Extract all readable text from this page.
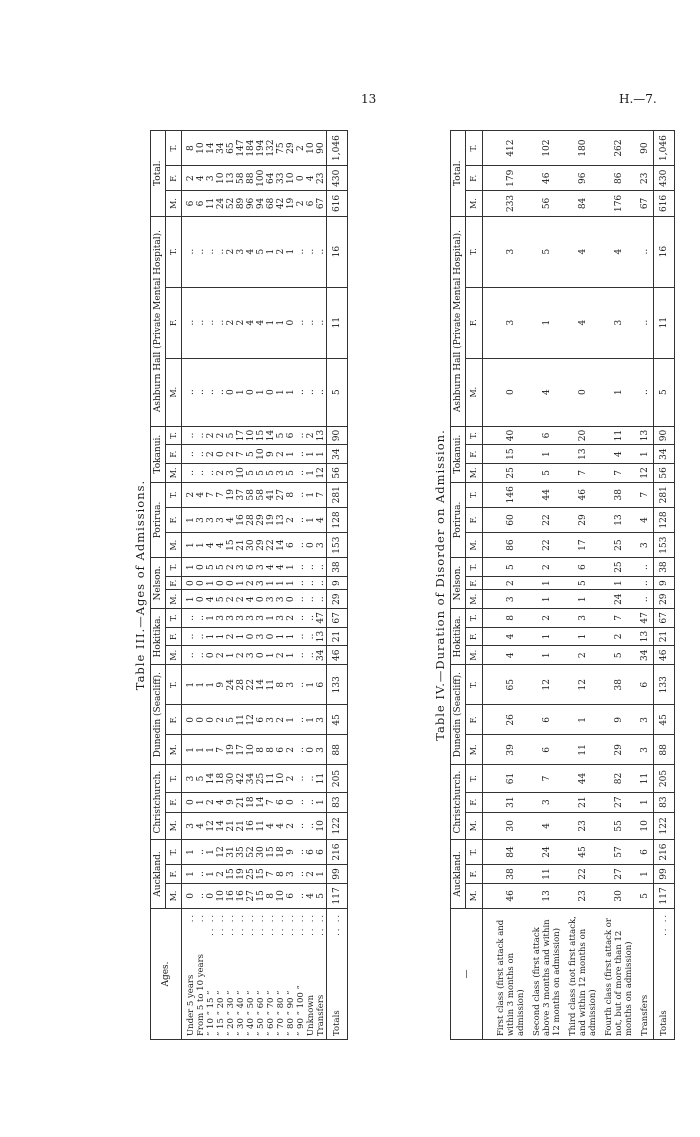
13	H.—7.
Table III.—Ages of Admissions.
Ages.	Auckland.			Christchurch.			Dunedin (Seacliff).			Hokitika.			Nelson.			Porirua.			Tokanui.			Ashburn Hall (Private Mental Hospital).			Total.		
	M.	F.	T.	M.	F.	T.	M.	F.	T.	M.	F.	T.	M.	F.	T.	M.	F.	T.	M.	F.	T.	M.	F.	T.	M.	F.	T.

Under 5 years
..	0	1	1	3	0	3	1	0	1	..	..	..	1	0	1	1	1	2	..	..	..	..	..	..	6	2	8
From 5 to 10 years
..	..	..	..	4	1	5	1	0	1	..	..	..	0	0	0	1	3	4	..	..	..	..	..	..	6	4	10
” 10 ” 15 ”
.. ..	0	1	1	12	2	14	1	0	1	0	1	1	4	1	5	4	3	7	..	2	2	..	..	..	11	3	14
” 15 ” 20 ”
.. ..	10	2	12	14	4	18	7	2	9	2	1	3	5	0	5	4	3	7	2	0	2	..	..	..	24	10	34
” 20 ” 30 ”
.. ..	16	15	31	21	9	30	19	5	24	1	2	3	2	0	2	15	4	19	3	2	5	0	2	2	52	13	65
” 30 ” 40 ”
.. ..	16	19	35	21	21	42	17	11	28	2	1	3	2	1	3	21	16	37	10	7	17	1	2	3	89	58	147
” 40 ” 50 ”
.. ..	27	25	52	16	18	34	10	12	22	3	0	3	4	2	6	30	28	58	5	5	10	0	4	4	96	88	184
” 50 ” 60 ”
.. ..	15	15	30	11	14	25	8	6	14	0	3	3	0	3	3	29	29	58	5	10	15	1	4	5	94	100	194
” 60 ” 70 ”
.. ..	8	7	15	4	7	11	8	3	11	1	0	1	3	1	4	22	19	41	5	9	14	0	1	1	68	64	132
” 70 ” 80 ”
.. ..	10	8	18	4	6	10	6	2	8	2	1	3	3	1	4	14	13	27	3	2	5	1	1	2	42	33	75
” 80 ” 90 ”
.. ..	6	3	9	2	0	2	2	1	3	1	1	2	0	1	1	6	2	8	5	1	6	1	0	1	19	10	29
” 90 ” 100 ”
.. ..	..	..	..	..	..	..	..	..	..	..	..	..	..	..	..	..	..	..	..	..	..	..	..	..	2	0	2
Unknown
.. ..	4	2	6	..	..	..	0	1	1	..	..	..	..	..	..	0	1	1	1	1	2	..	..	..	6	4	10
Transfers
.. ..	5	1	6	10	1	11	3	3	6	34	13	47	..	..	..	3	4	7	12	1	13	..	..	..	67	23	90
Totals
.. ..	117	99	216	122	83	205	88	45	133	46	21	67	29	9	38	153	128	281	56	34	90	5	11	16	616	430	1,046
Table IV.—Duration of Disorder on Admission.
—	Auckland.			Christchurch.			Dunedin (Seacliff).			Hokitika.			Nelson.			Porirua.			Tokanui.			Ashburn Hall (Private Mental Hospital).			Total.		
	M.	F.	T.	M.	F.	T.	M.	F.	T.	M.	F.	T.	M.	F.	T.	M.	F.	T.	M.	F.	T.	M.	F.	T.	M.	F.	T.

First class (first attack and within 3 months on admission)	46	38	84	30	31	61	39	26	65	4	4	8	3	2	5	86	60	146	25	15	40	0	3	3	233	179	412
Second class (first attack above 3 months and within 12 months on admission)	13	11	24	4	3	7	6	6	12	1	1	2	1	1	2	22	22	44	5	1	6	4	1	5	56	46	102
Third class (not first attack, and within 12 months on admission)	23	22	45	23	21	44	11	1	12	2	1	3	1	5	6	17	29	46	7	13	20	0	4	4	84	96	180
Fourth class (first attack or not, but of more than 12 months on admission)	30	27	57	55	27	82	29	9	38	5	2	7	24	1	25	25	13	38	7	4	11	1	3	4	176	86	262
Transfers	5	1	6	10	1	11	3	3	6	34	13	47	..	..	..	3	4	7	12	1	13	..	..	..	67	23	90
Totals
.. ..	117	99	216	122	83	205	88	45	133	46	21	67	29	9	38	153	128	281	56	34	90	5	11	16	616	430	1,046
